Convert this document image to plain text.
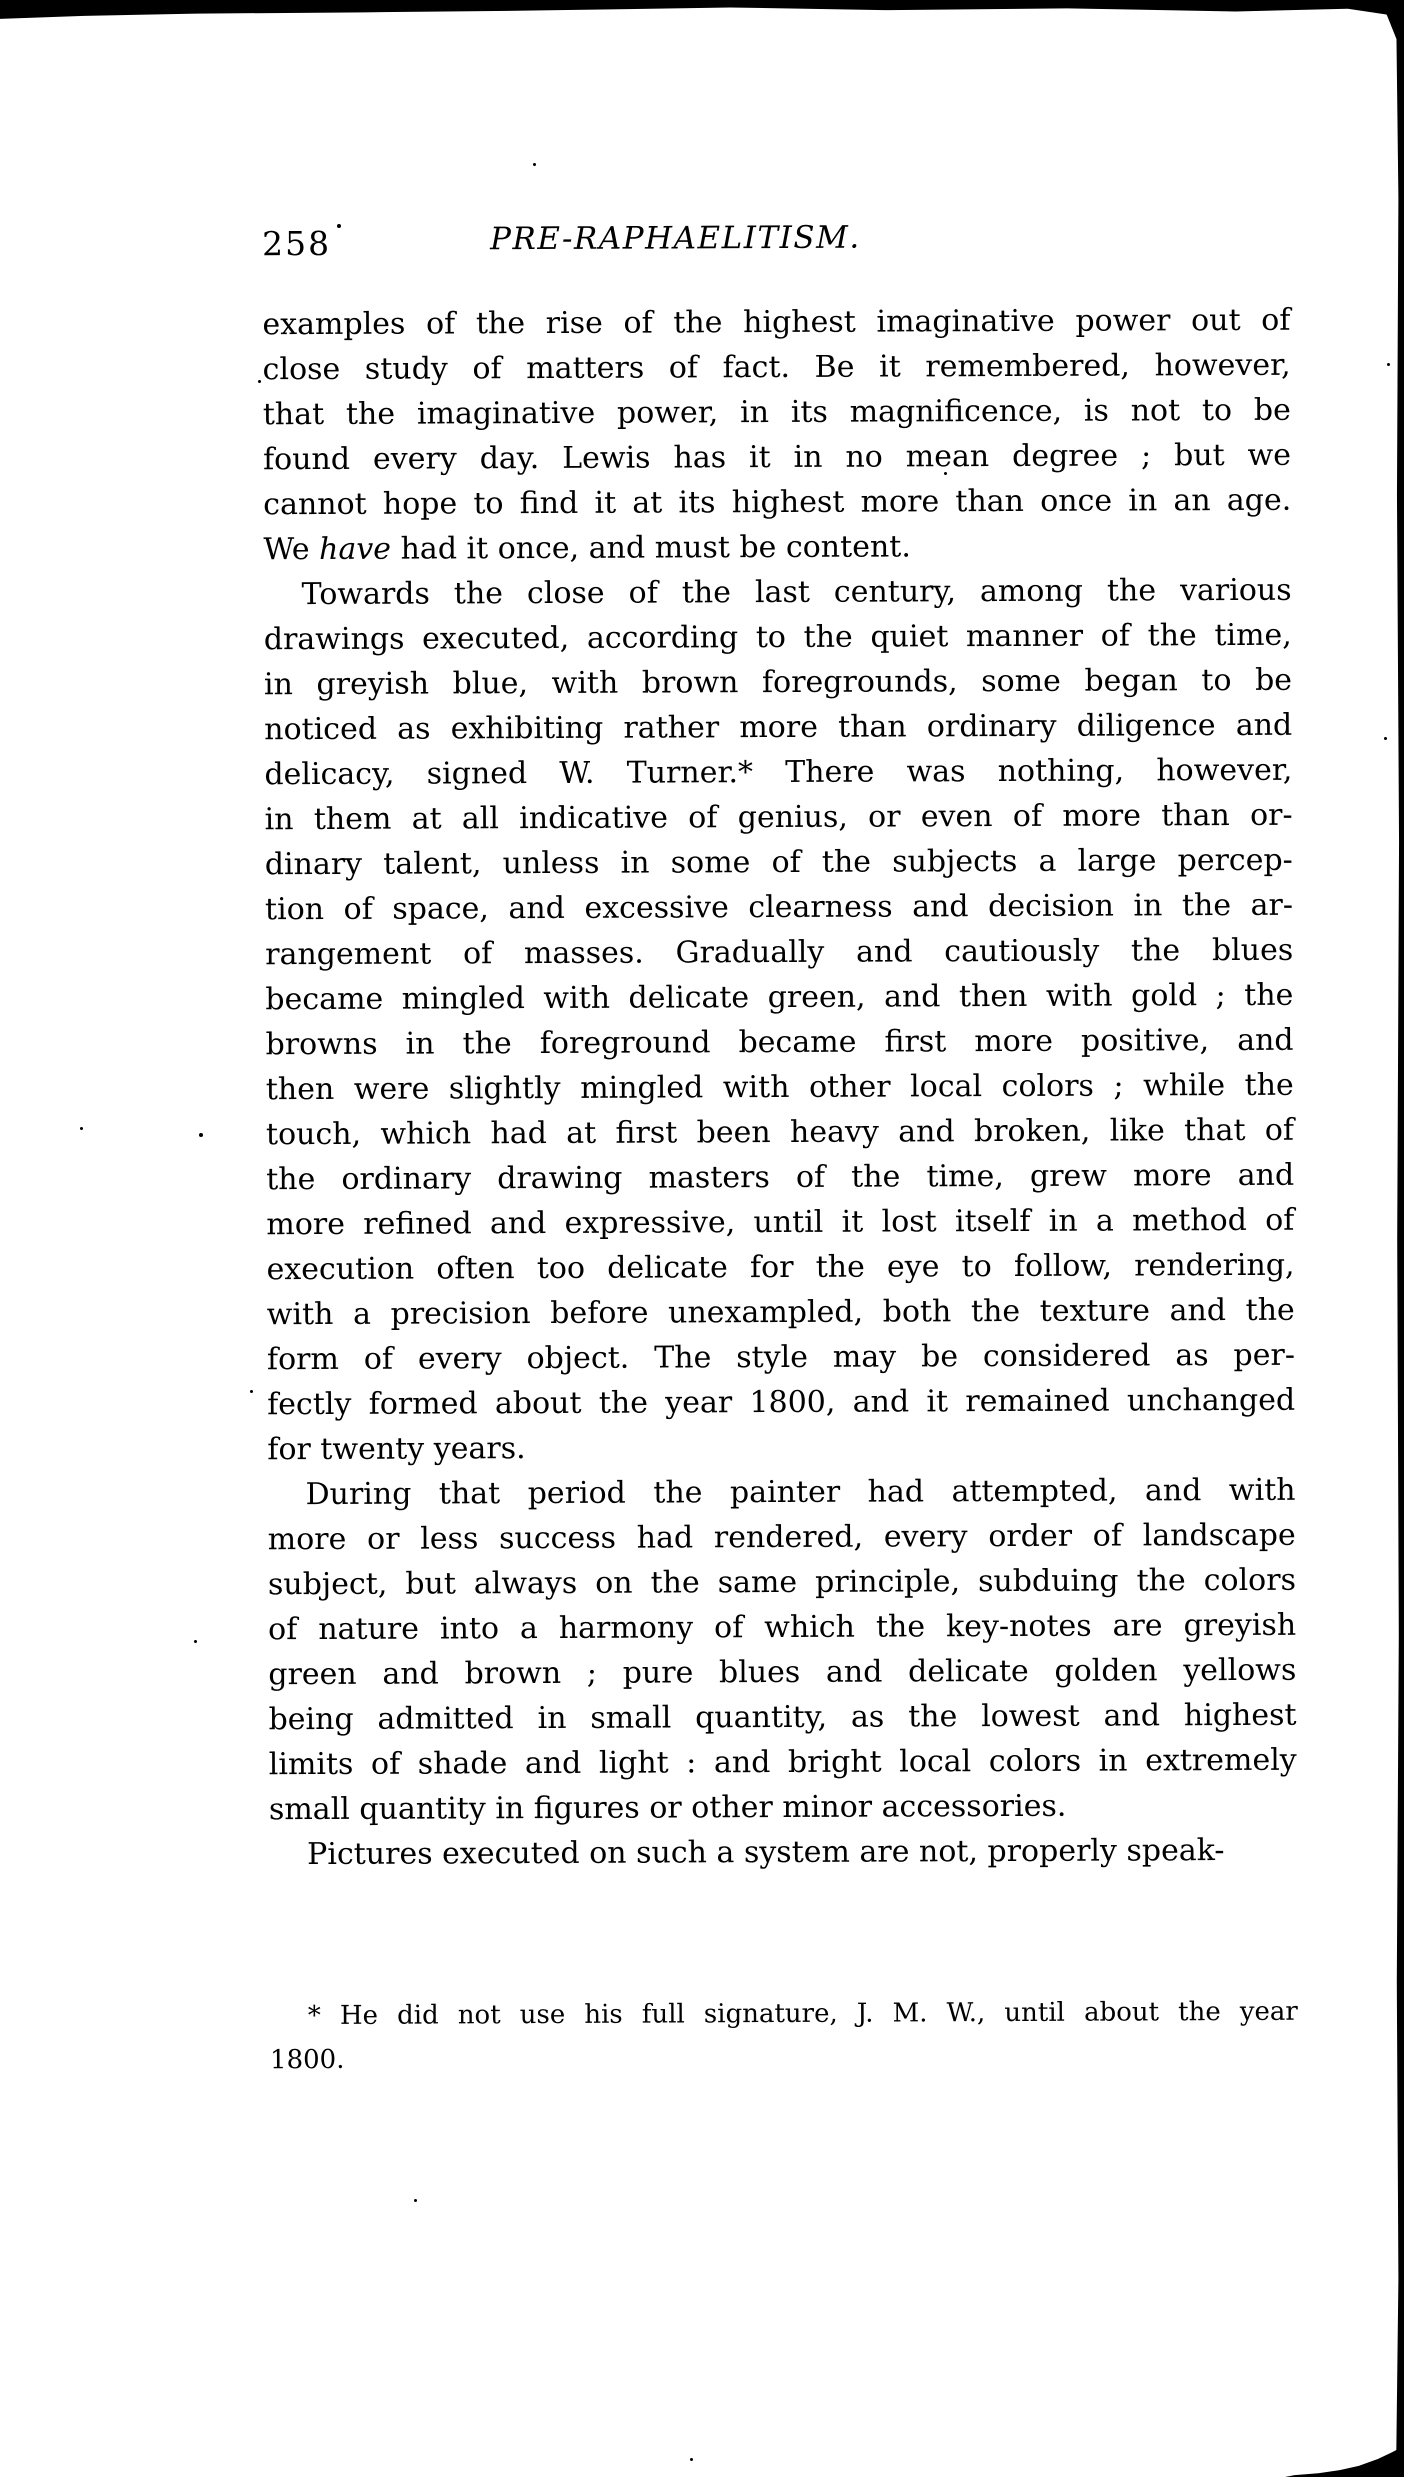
258	PRE-RAPHAELITISM.
examples of the rise of the highest imaginative power out of
close study of matters of fact. Be it remembered, however,
that the imaginative power, in its magnificence, is not to be
found every day. Lewis has it in no mean degree ; but we
cannot hope to find it at its highest more than once in an age.
We have had it once, and must be content.
Towards the close of the last century, among the various
drawings executed, according to the quiet manner of the time,
in greyish blue, with brown foregrounds, some began to be
noticed as exhibiting rather more than ordinary diligence and
delicacy, signed W. Turner.* There was nothing, however,
in them at all indicative of genius, or even of more than or-
dinary talent, unless in some of the subjects a large percep-
tion of space, and excessive clearness and decision in the ar-
rangement of masses. Gradually and cautiously the blues
became mingled with delicate green, and then with gold ; the
browns in the foreground became first more positive, and
then were slightly mingled with other local colors ; while the
touch, which had at first been heavy and broken, like that of
the ordinary drawing masters of the time, grew more and
more refined and expressive, until it lost itself in a method of
execution often too delicate for the eye to follow, rendering,
with a precision before unexampled, both the texture and the
form of every object. The style may be considered as per-
fectly formed about the year 1800, and it remained unchanged
for twenty years.
During that period the painter had attempted, and with
more or less success had rendered, every order of landscape
subject, but always on the same principle, subduing the colors
of nature into a harmony of which the key-notes are greyish
green and brown ; pure blues and delicate golden yellows
being admitted in small quantity, as the lowest and highest
limits of shade and light : and bright local colors in extremely
small quantity in figures or other minor accessories.
Pictures executed on such a system are not, properly speak-
* He did not use his full signature, J. M. W., until about the year
1800.
